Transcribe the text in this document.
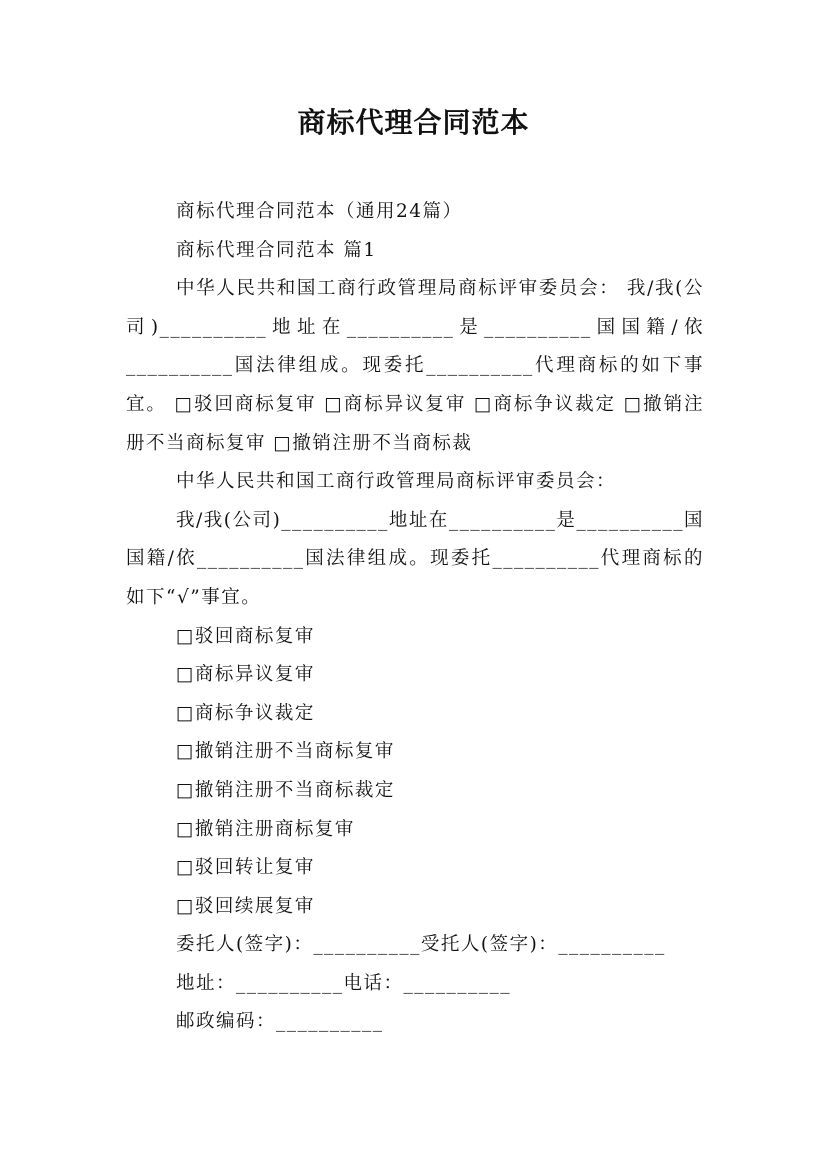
商标代理合同范本

商标代理合同范本（通用24篇）

商标代理合同范本 篇1

中华人民共和国工商行政管理局商标评审委员会： 我/我(公司)__________地址在__________是__________国国籍/依__________国法律组成。现委托__________代理商标的如下事宜。 □驳回商标复审 □商标异议复审 □商标争议裁定 □撤销注册不当商标复审 □撤销注册不当商标裁

中华人民共和国工商行政管理局商标评审委员会：

我/我(公司)__________地址在__________是__________国国籍/依__________国法律组成。现委托__________代理商标的如下“√”事宜。

□驳回商标复审

□商标异议复审

□商标争议裁定

□撤销注册不当商标复审

□撤销注册不当商标裁定

□撤销注册商标复审

□驳回转让复审

□驳回续展复审

委托人(签字)：__________受托人(签字)：__________

地址：__________电话：__________

邮政编码：__________
